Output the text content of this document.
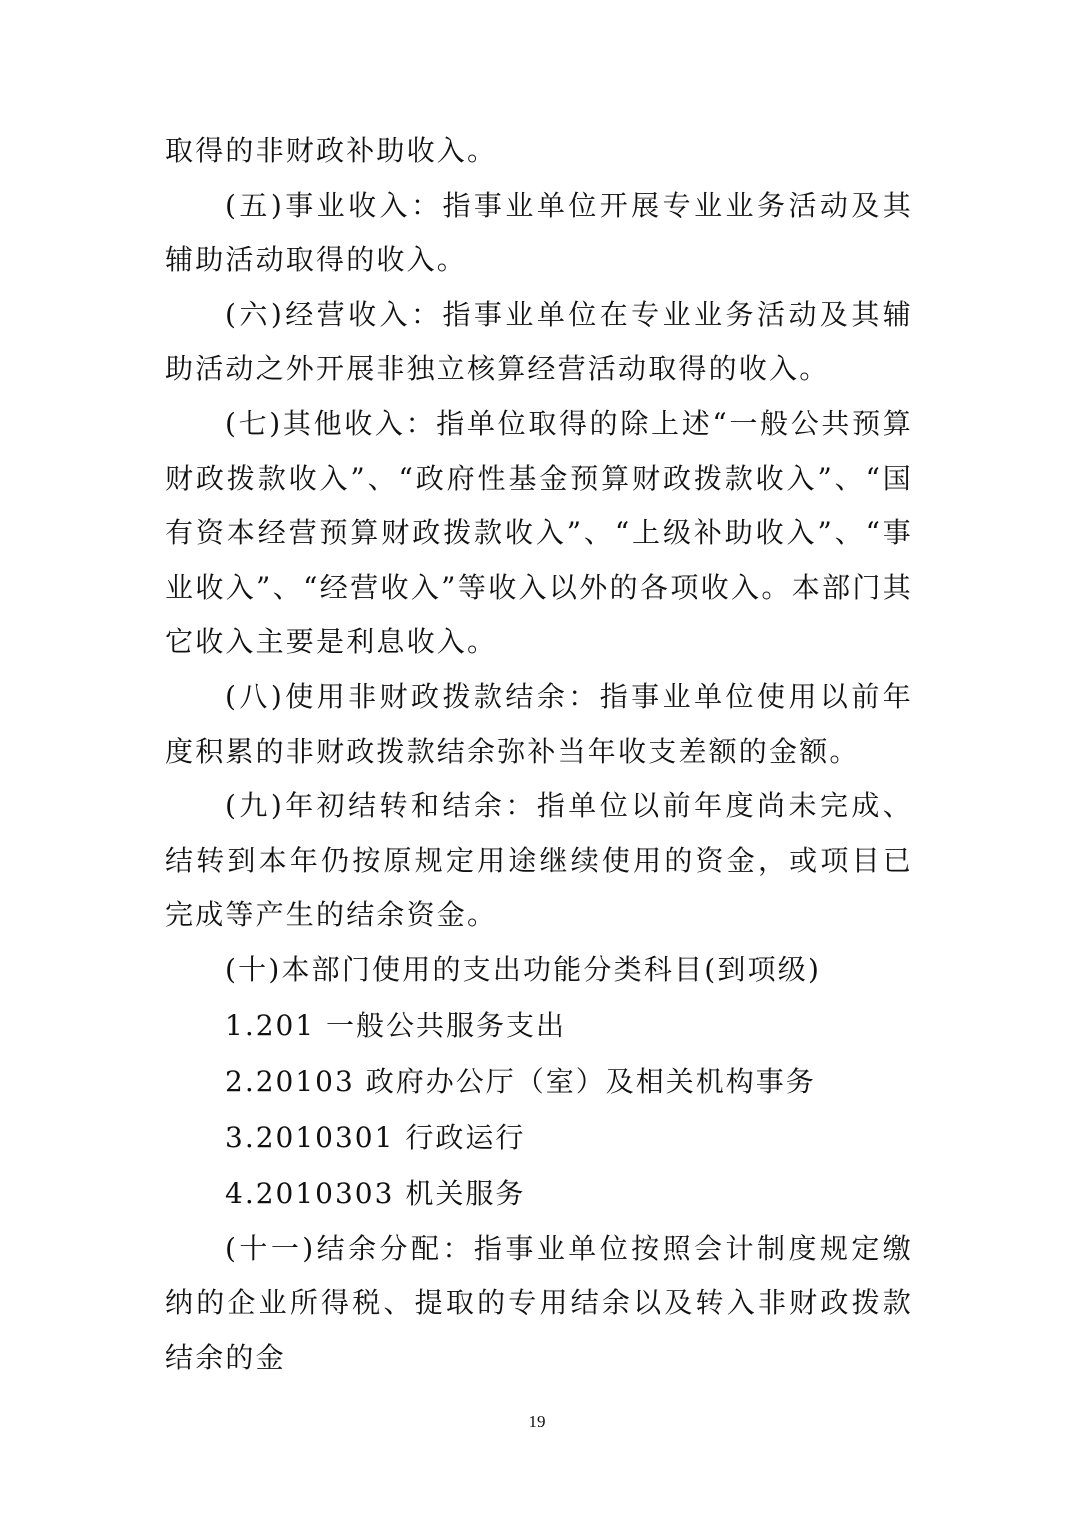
取得的非财政补助收入。

(五)事业收入：指事业单位开展专业业务活动及其辅助活动取得的收入。

(六)经营收入：指事业单位在专业业务活动及其辅助活动之外开展非独立核算经营活动取得的收入。

(七)其他收入：指单位取得的除上述“一般公共预算财政拨款收入”、“政府性基金预算财政拨款收入”、“国有资本经营预算财政拨款收入”、“上级补助收入”、“事业收入”、“经营收入”等收入以外的各项收入。本部门其它收入主要是利息收入。

(八)使用非财政拨款结余：指事业单位使用以前年度积累的非财政拨款结余弥补当年收支差额的金额。

(九)年初结转和结余：指单位以前年度尚未完成、结转到本年仍按原规定用途继续使用的资金，或项目已完成等产生的结余资金。

(十)本部门使用的支出功能分类科目(到项级)

1.201 一般公共服务支出

2.20103 政府办公厅（室）及相关机构事务

3.2010301 行政运行

4.2010303 机关服务

(十一)结余分配：指事业单位按照会计制度规定缴纳的企业所得税、提取的专用结余以及转入非财政拨款结余的金

19
